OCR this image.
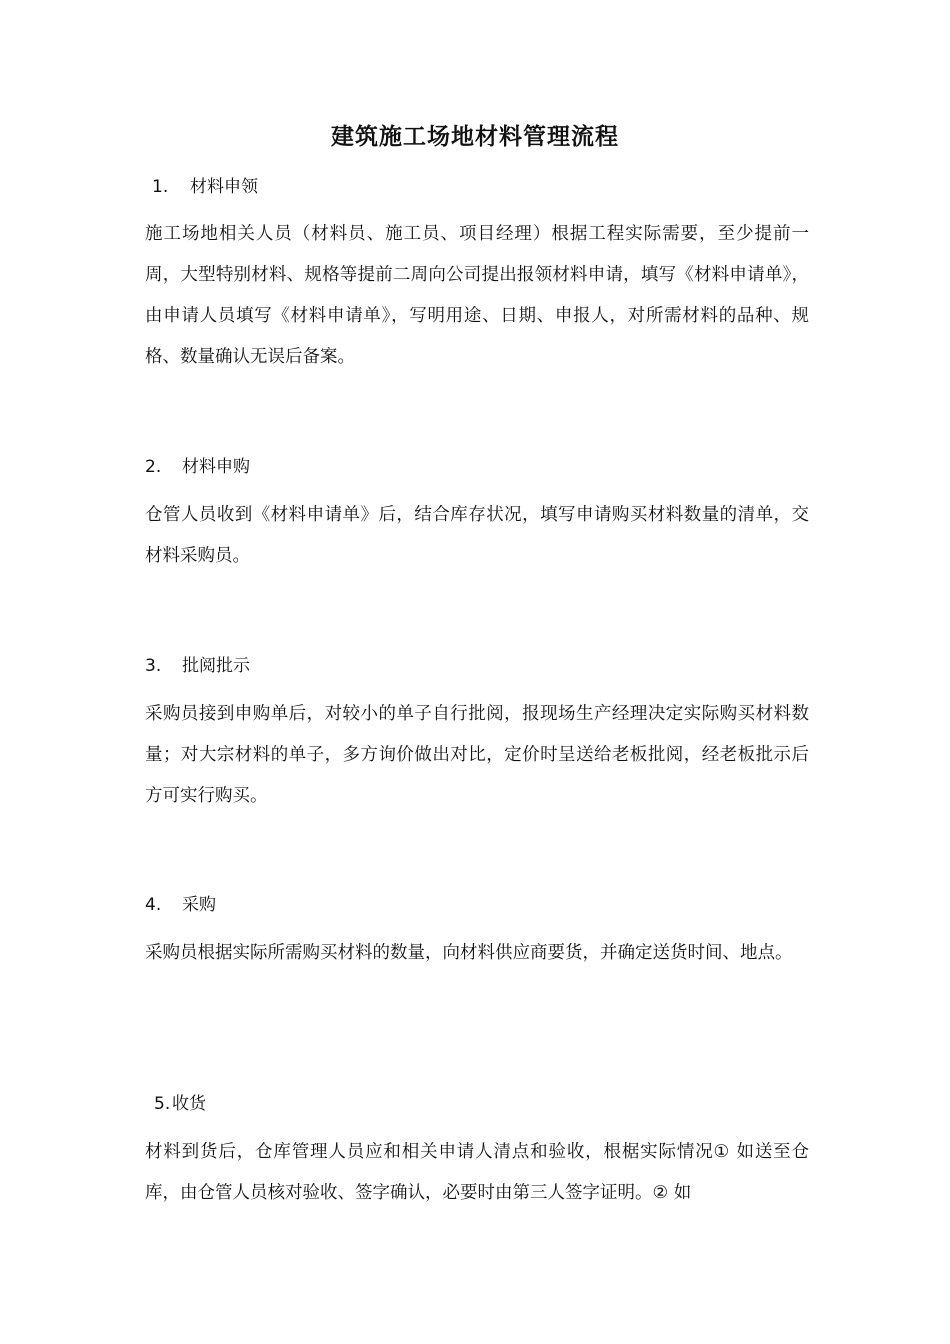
建筑施工场地材料管理流程

1. 材料申领

施工场地相关人员（材料员、施工员、项目经理）根据工程实际需要，至少提前一周，大型特别材料、规格等提前二周向公司提出报领材料申请，填写《材料申请单》，由申请人员填写《材料申请单》，写明用途、日期、申报人，对所需材料的品种、规格、数量确认无误后备案。

2. 材料申购

仓管人员收到《材料申请单》后，结合库存状况，填写申请购买材料数量的清单，交材料采购员。

3. 批阅批示

采购员接到申购单后，对较小的单子自行批阅，报现场生产经理决定实际购买材料数量；对大宗材料的单子，多方询价做出对比，定价时呈送给老板批阅，经老板批示后方可实行购买。

4. 采购

采购员根据实际所需购买材料的数量，向材料供应商要货，并确定送货时间、地点。

5. 收货

材料到货后，仓库管理人员应和相关申请人清点和验收，根椐实际情况① 如送至仓库，由仓管人员核对验收、签字确认，必要时由第三人签字证明。② 如
